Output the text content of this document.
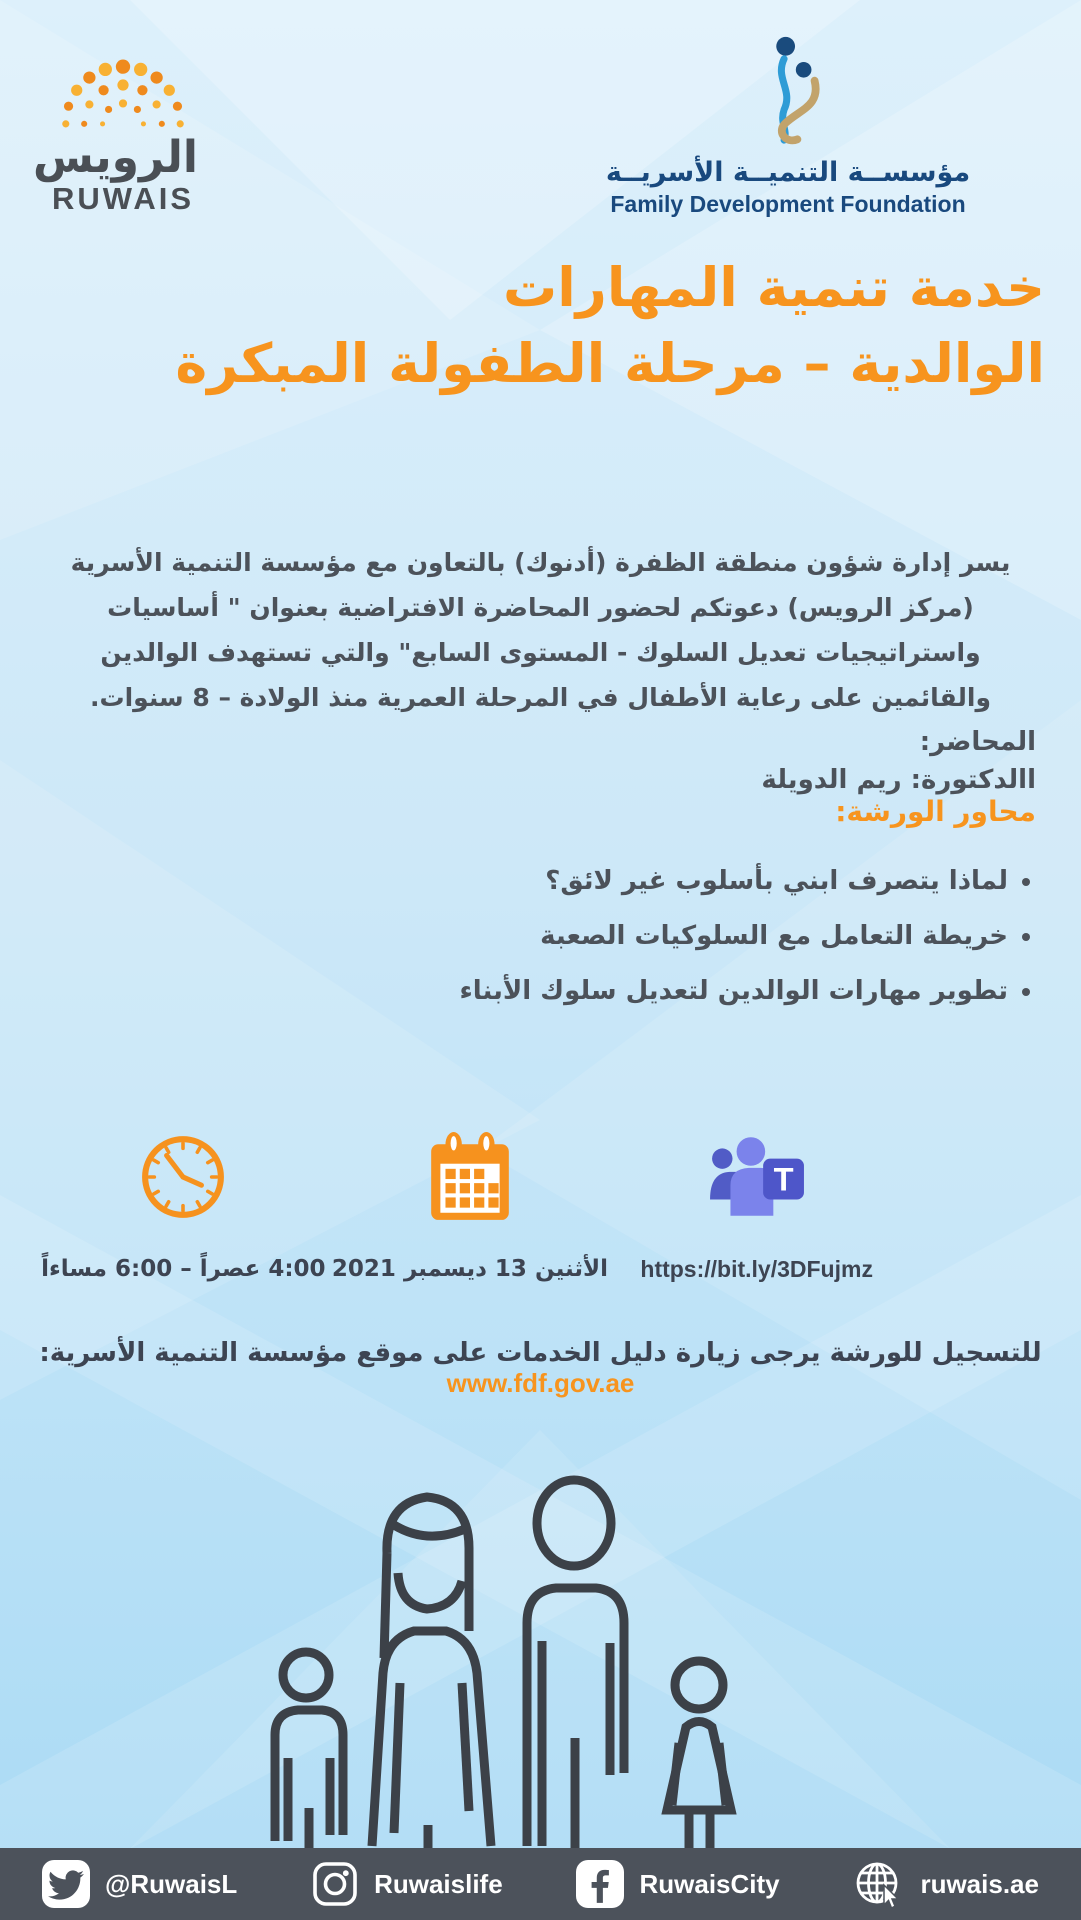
الرويس
RUWAIS
مؤسســة التنميــة الأسريــة
Family Development Foundation
خدمة تنمية المهارات
الوالدية – مرحلة الطفولة المبكرة

يسر إدارة شؤون منطقة الظفرة (أدنوك) بالتعاون مع مؤسسة التنمية الأسرية (مركز الرويس) دعوتكم لحضور المحاضرة الافتراضية بعنوان " أساسيات واستراتيجيات تعديل السلوك - المستوى السابع" والتي تستهدف الوالدين والقائمين على رعاية الأطفال في المرحلة العمرية منذ الولادة – 8 سنوات.

المحاضر:

االدكتورة: ريم الدويلة

محاور الورشة:

• لماذا يتصرف ابني بأسلوب غير لائق؟
• خريطة التعامل مع السلوكيات الصعبة
• تطوير مهارات الوالدين لتعديل سلوك الأبناء
4:00 عصراً – 6:00 مساءاً الأثنين 13 ديسمبر 2021
T
https://bit.ly/3DFujmz
للتسجيل للورشة يرجى زيارة دليل الخدمات على موقع مؤسسة التنمية الأسرية: www.fdf.gov.ae
@RuwaisL	Ruwaislife	RuwaisCity	ruwais.ae
